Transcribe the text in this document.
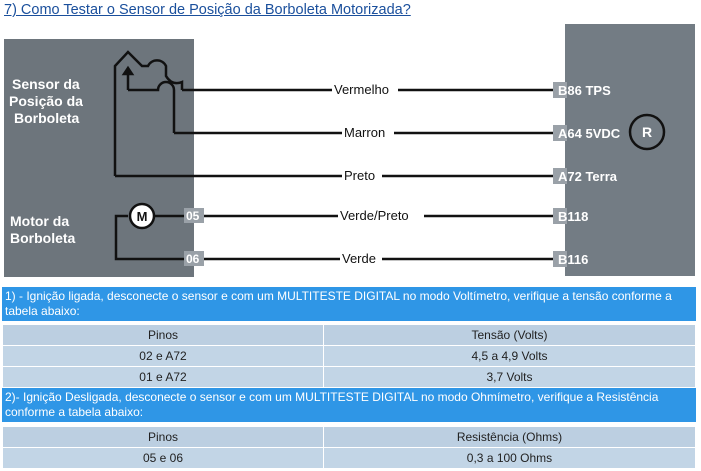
7) Como Testar o Sensor de Posição da Borboleta Motorizada?
Sensor da
Posição da
Borboleta
Motor da
Borboleta
M	05
06
Vermelho
Marron
Preto
Verde/Preto
Verde
B86 TPS
A64 5VDC
A72 Terra
B118
B116
R
1) - Ignição ligada, desconecte o sensor e com um MULTITESTE DIGITAL no modo Voltímetro, verifique a tensão conforme a tabela abaixo:
Pinos	Tensão (Volts)
02 e A72	4,5 a 4,9 Volts
01 e A72	3,7 Volts
2)- Ignição Desligada, desconecte o sensor e com um MULTITESTE DIGITAL no modo Ohmímetro, verifique a Resistência conforme a tabela abaixo:
Pinos	Resistência (Ohms)
05 e 06	0,3 a 100 Ohms
